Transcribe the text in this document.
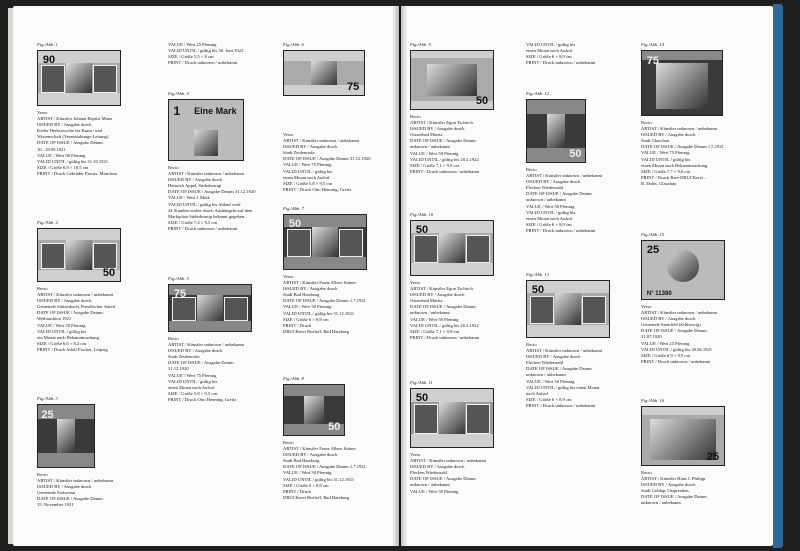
Fig./Abb. 1
90
Verso
ARTIST / Künstler Johann Baptist Maier
ISSUED BY / Ausgabe durch
Kieler Herbstwoche für Kunst- und
Wissenschaft (Veranstaltungs-Leitung)
DATE OF ISSUE / Ausgabe Datum
10.–18.09.1921
VALUE / Wert 90 Pfennig
VALID UNTIL / gültig bis 31.10.1921
SIZE / Größe 6,9 × 10,5 cm
PRINT / Druck Gebrüder Parcus, München
Fig./Abb. 2
50
Recto
ARTIST / Künstler unknown / unbekannt
ISSUED BY / Ausgabe durch
Gemeinde Stützerbach, Preußischer Anteil
DATE OF ISSUE / Ausgabe Datum
Weihnachten 1921
VALUE / Wert 50 Pfennig
VALID UNTIL / gültig bis
ein Monat nach Bekanntmachung
SIZE / Größe 6,6 × 8,2 cm
PRINT / Druck Adolf Fischer, Leipzig
Fig./Abb. 3
25
Recto
ARTIST / Künstler unknown / unbekannt
ISSUED BY / Ausgabe durch
Gemeinde Stolzenau
DATE OF ISSUE / Ausgabe Datum
15. November 1921
VALUE / Wert 25 Pfennig
VALID UNTIL / gültig bis 30. Juni 1922
SIZE / Größe 5,5 × 8 cm
PRINT / Druck unknown / unbekannt
Fig./Abb. 4
1 Eine Mark
Recto
ARTIST / Künstler unknown / unbekannt
ISSUED BY / Ausgabe durch
Heinrich Appel, Süderbrarup
DATE OF ISSUE / Ausgabe Datum 31.12.1920
VALUE / Wert 1 Mark
VALID UNTIL / gültig bis Ablauf wird
24 Stunden vorher durch Aushängeln auf dem
Marktplatz Süderbrarup bekannt gegeben.
SIZE / Größe 7,4 × 9,5 cm
PRINT / Druck unknown / unbekannt
Fig./Abb. 5
75
Recto
ARTIST / Künstler unknown / unbekannt
ISSUED BY / Ausgabe durch
Stadt Zeulenroda
DATE OF ISSUE / Ausgabe Datum
31.12.1920
VALUE / Wert 75 Pfennig
VALID UNTIL / gültig bis
einen Monat nach Aufruf
SIZE / Größe 5,8 × 9,5 cm
PRINT / Druck Otto Henning, Greitz
Fig./Abb. 6
75
Verso
ARTIST / Künstler unknown / unbekannt
ISSUED BY / Ausgabe durch
Stadt Zeulenroda
DATE OF ISSUE / Ausgabe Datum 31.12.1920
VALUE / Wert 75 Pfennig
VALID UNTIL / gültig bis
einen Monat nach Aufruf
SIZE / Größe 5,8 × 9,5 cm
PRINT / Druck Otto Henning, Greitz
Fig./Abb. 7
50
Verso
ARTIST / Künstler Franz Albert Jüttner
ISSUED BY / Ausgabe durch
Stadt Bad Harzburg
DATE OF ISSUE / Ausgabe Datum 1.7.1921
VALUE / Wert 50 Pfennig
VALID UNTIL / gültig bis 31.12.1921
SIZE / Größe 6 × 8,9 cm
PRINT / Druck
DRUCKerei Roeloff, Bad Harzburg
Fig./Abb. 8
50
Recto
ARTIST / Künstler Franz Albert Jüttner
ISSUED BY / Ausgabe durch
Stadt Bad Harzburg
DATE OF ISSUE / Ausgabe Datum 1.7.1921
VALUE / Wert 50 Pfennig
VALID UNTIL / gültig bis 31.12.1921
SIZE / Größe 6 × 8,9 cm
PRINT / Druck
DRUCKerei Roeloff, Bad Harzburg
Fig./Abb. 9
50
Recto
ARTIST / Künstler Egon Tschirch
ISSUED BY / Ausgabe durch
Ostseebad Müritz
DATE OF ISSUE / Ausgabe Datum
unknown / unbekannt
VALUE / Wert 50 Pfennig
VALID UNTIL / gültig bis 20.2.1922
SIZE / Größe 7,1 × 9,9 cm
PRINT / Druck unknown / unbekannt
Fig./Abb. 10
50
Verso
ARTIST / Künstler Egon Tschirch
ISSUED BY / Ausgabe durch
Ostseebad Müritz
DATE OF ISSUE / Ausgabe Datum
unknown / unbekannt
VALUE / Wert 50 Pfennig
VALID UNTIL / gültig bis 20.2.1922
SIZE / Größe 7,1 × 9,9 cm
PRINT / Druck unknown / unbekannt
Fig./Abb. 11
50
Verso
ARTIST / Künstler unknown / unbekannt
ISSUED BY / Ausgabe durch
Flecken Wiedensahl
DATE OF ISSUE / Ausgabe Datum
unknown / unbekannt
VALUE / Wert 50 Pfennig
VALID UNTIL / gültig bis
einen Monat nach Aufruf
SIZE / Größe 6 × 8,9 cm
PRINT / Druck unknown / unbekannt
Fig./Abb. 12
50
Recto
ARTIST / Künstler unknown / unbekannt
ISSUED BY / Ausgabe durch
Flecken Wiedensahl
DATE OF ISSUE / Ausgabe Datum
unknown / unbekannt
VALUE / Wert 50 Pfennig
VALID UNTIL / gültig bis
einen Monat nach Aufruf
SIZE / Größe 6 × 8,9 cm
PRINT / Druck unknown / unbekannt
Fig./Abb. 13
50
Recto
ARTIST / Künstler unknown / unbekannt
ISSUED BY / Ausgabe durch
Flecken Wiedensahl
DATE OF ISSUE / Ausgabe Datum
unknown / unbekannt
VALUE / Wert 50 Pfennig
VALID UNTIL / gültig bis einen Monat
nach Aufruf
SIZE / Größe 6 × 8,9 cm
PRINT / Druck unknown / unbekannt
Fig./Abb. 14
75
Recto
ARTIST / Künstler unknown / unbekannt
ISSUED BY / Ausgabe durch
Stadt Glauchau
DATE OF ISSUE / Ausgabe Datum 1.5.1921
VALUE / Wert 75 Pfennig
VALID UNTIL / gültig bis
einen Monat nach Bekanntmachung
SIZE / Größe 7,7 × 9,6 cm
PRINT / Druck Rats-DRUCKerei –
R. Dohn, Glauchau
Fig./Abb. 15
25
N° 11380
Verso
ARTIST / Künstler unknown / unbekannt
ISSUED BY / Ausgabe durch
Gemeinde Steinfeld (Schleswig)
DATE OF ISSUE / Ausgabe Datum
31.07.1920
VALUE / Wert 25 Pfennig
VALID UNTIL / gültig bis 30.06.1921
SIZE / Größe 6,9 × 9,9 cm
PRINT / Druck unknown / unbekannt
Fig./Abb. 16
25
Recto
ARTIST / Künstler Hans J. Philipp
ISSUED BY / Ausgabe durch
Stadt Goldap, Ostpreußen
DATE OF ISSUE / Ausgabe Datum
unknown / unbekannt
